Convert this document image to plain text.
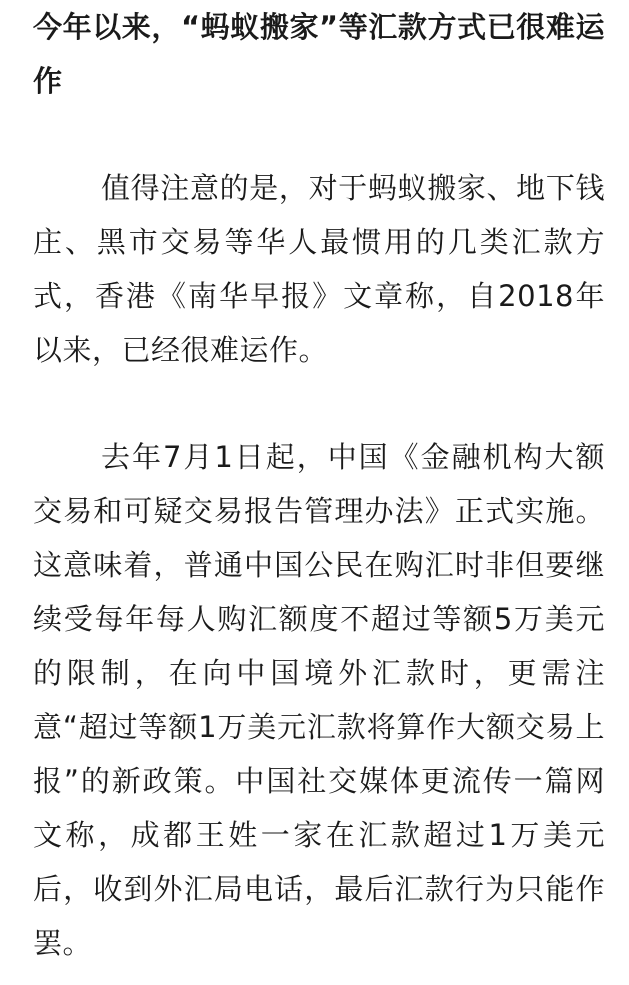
今年以来，“蚂蚁搬家”等汇款方式已很难运作

值得注意的是，对于蚂蚁搬家、地下钱庄、黑市交易等华人最惯用的几类汇款方式，香港《南华早报》文章称，自2018年以来，已经很难运作。

去年7月1日起，中国《金融机构大额交易和可疑交易报告管理办法》正式实施。这意味着，普通中国公民在购汇时非但要继续受每年每人购汇额度不超过等额5万美元的限制，在向中国境外汇款时，更需注意“超过等额1万美元汇款将算作大额交易上报”的新政策。中国社交媒体更流传一篇网文称，成都王姓一家在汇款超过1万美元后，收到外汇局电话，最后汇款行为只能作罢。
